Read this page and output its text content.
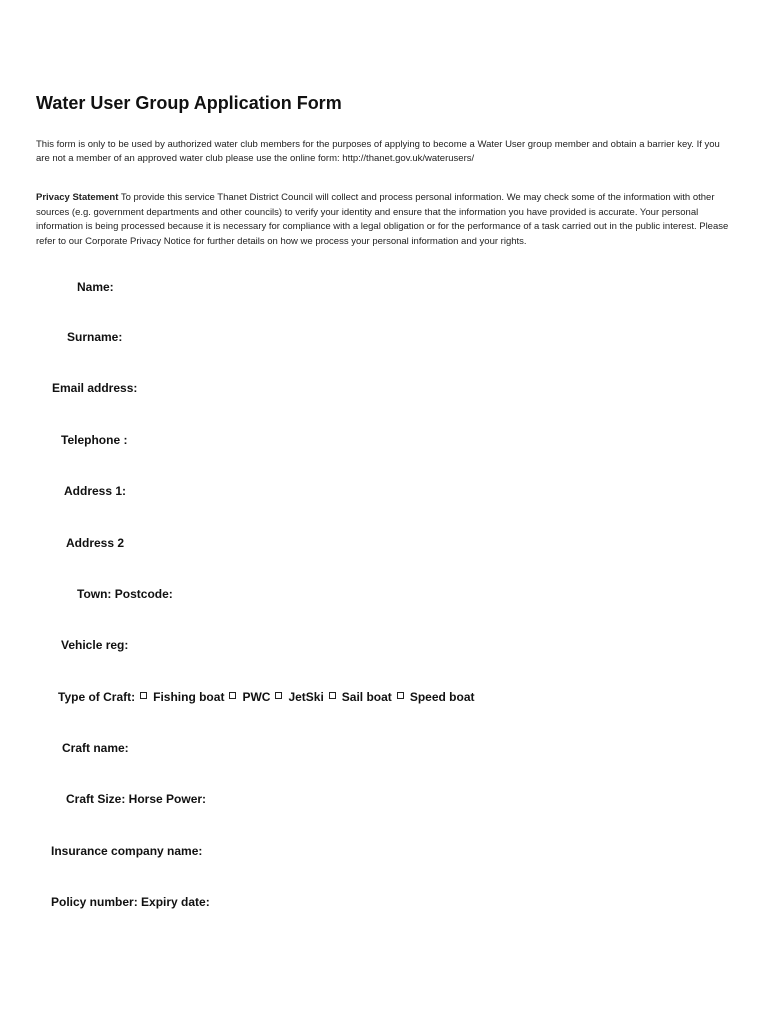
Water User Group Application Form

This form is only to be used by authorized water club members for the purposes of applying to become a Water User group member and obtain a barrier key. If you are not a member of an approved water club please use the online form: http://thanet.gov.uk/waterusers/

Privacy Statement To provide this service Thanet District Council will collect and process personal information. We may check some of the information with other sources (e.g. government departments and other councils) to verify your identity and ensure that the information you have provided is accurate. Your personal information is being processed because it is necessary for compliance with a legal obligation or for the performance of a task carried out in the public interest. Please refer to our Corporate Privacy Notice for further details on how we process your personal information and your rights.

Name:
Surname:
Email address:
Telephone :
Address 1:
Address 2
Town: Postcode:
Vehicle reg:
Type of Craft: Fishing boat PWC JetSki Sail boat Speed boat
Craft name:
Craft Size: Horse Power:
Insurance company name:
Policy number: Expiry date:
